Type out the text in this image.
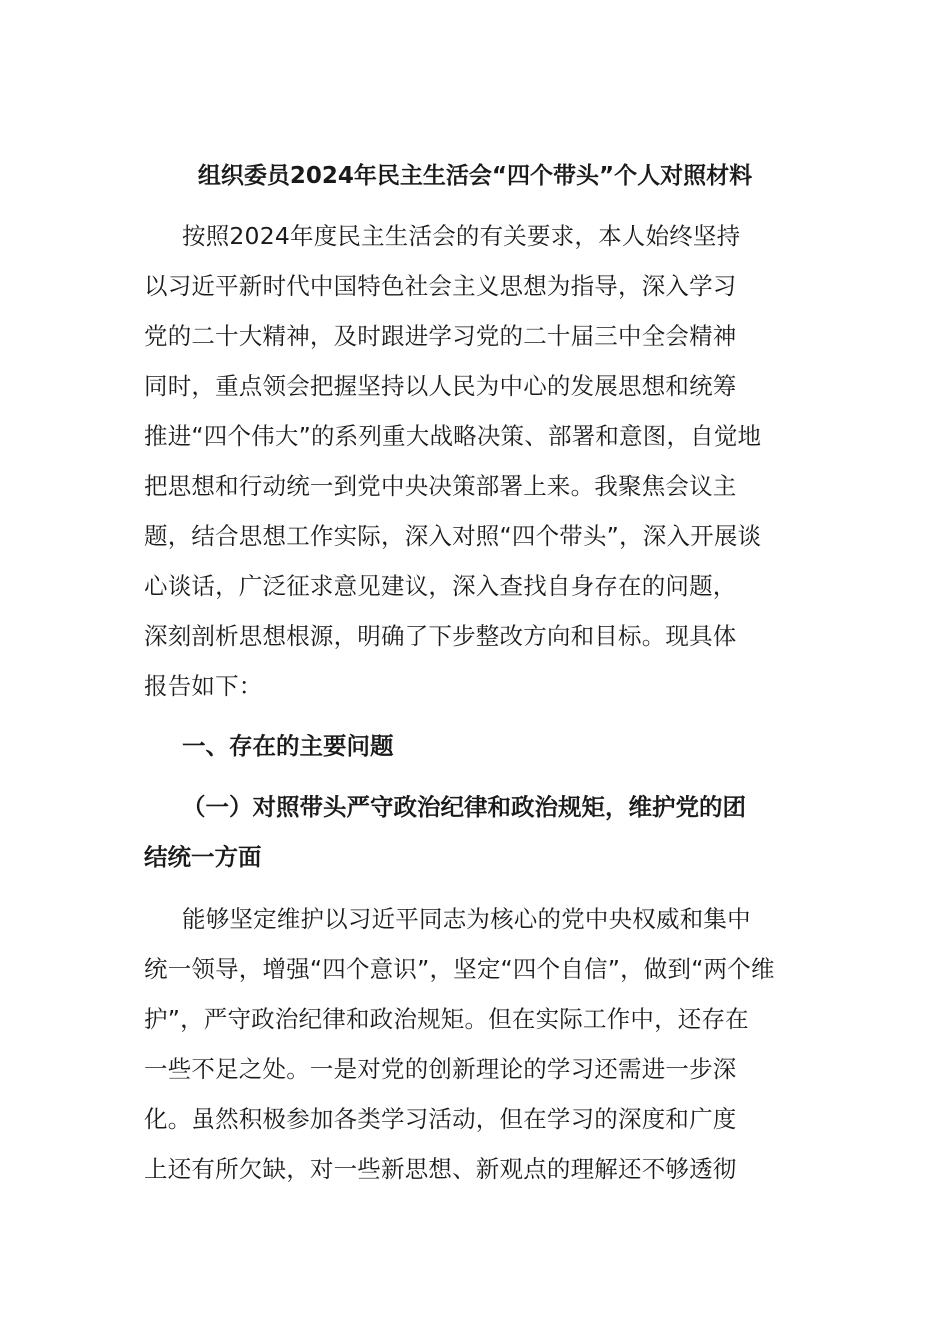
组织委员2024年民主生活会“四个带头”个人对照材料
按照2024年度民主生活会的有关要求，本人始终坚持
以习近平新时代中国特色社会主义思想为指导，深入学习
党的二十大精神，及时跟进学习党的二十届三中全会精神
同时，重点领会把握坚持以人民为中心的发展思想和统筹
推进“四个伟大”的系列重大战略决策、部署和意图，自觉地
把思想和行动统一到党中央决策部署上来。我聚焦会议主
题，结合思想工作实际，深入对照“四个带头”，深入开展谈
心谈话，广泛征求意见建议，深入查找自身存在的问题，
深刻剖析思想根源，明确了下步整改方向和目标。现具体
报告如下：
一、存在的主要问题
（一）对照带头严守政治纪律和政治规矩，维护党的团
结统一方面
能够坚定维护以习近平同志为核心的党中央权威和集中
统一领导，增强“四个意识”，坚定“四个自信”，做到“两个维
护”，严守政治纪律和政治规矩。但在实际工作中，还存在
一些不足之处。一是对党的创新理论的学习还需进一步深
化。虽然积极参加各类学习活动，但在学习的深度和广度
上还有所欠缺，对一些新思想、新观点的理解还不够透彻
